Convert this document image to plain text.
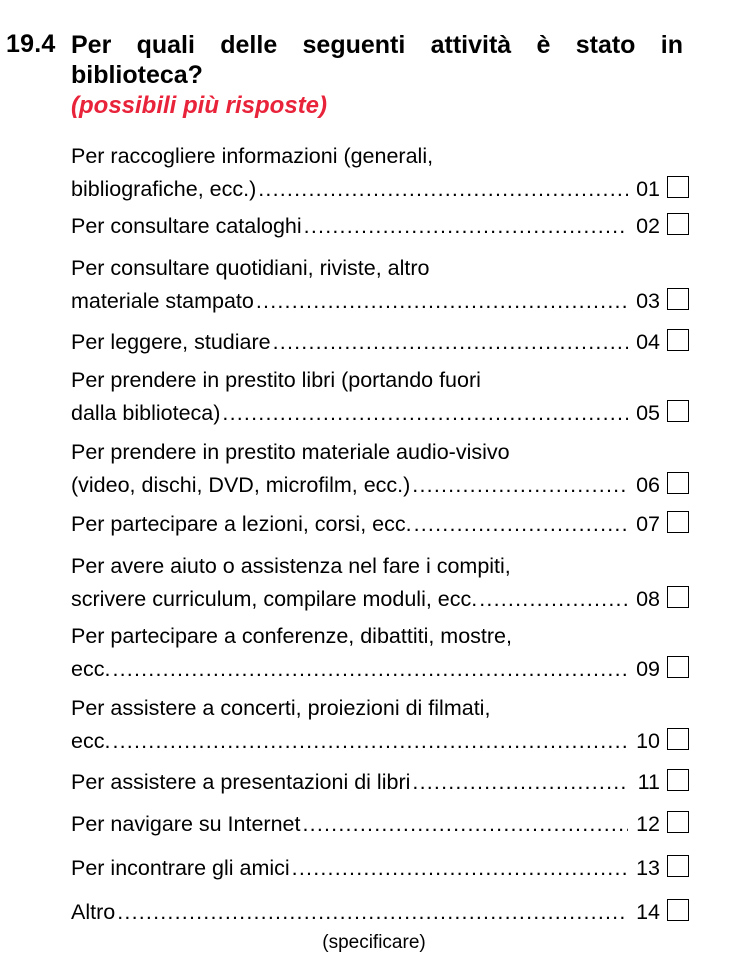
19.4 Per quali delle seguenti attività è stato in
biblioteca?
(possibili più risposte)
Per raccogliere informazioni (generali,
bibliografiche, ecc.) .....	01
Per consultare cataloghi .....	02
Per consultare quotidiani, riviste, altro
materiale stampato .....	03
Per leggere, studiare .....	04
Per prendere in prestito libri (portando fuori
dalla biblioteca) .....	05
Per prendere in prestito materiale audio-visivo
(video, dischi, DVD, microfilm, ecc.) .....	06
Per partecipare a lezioni, corsi, ecc. .....	07
Per avere aiuto o assistenza nel fare i compiti,
scrivere curriculum, compilare moduli, ecc. .....	08
Per partecipare a conferenze, dibattiti, mostre,
ecc. .....	09
Per assistere a concerti, proiezioni di filmati,
ecc. .....	10
Per assistere a presentazioni di libri .....	11
Per navigare su Internet .....	12
Per incontrare gli amici .....	13
Altro .....	14
(specificare)
